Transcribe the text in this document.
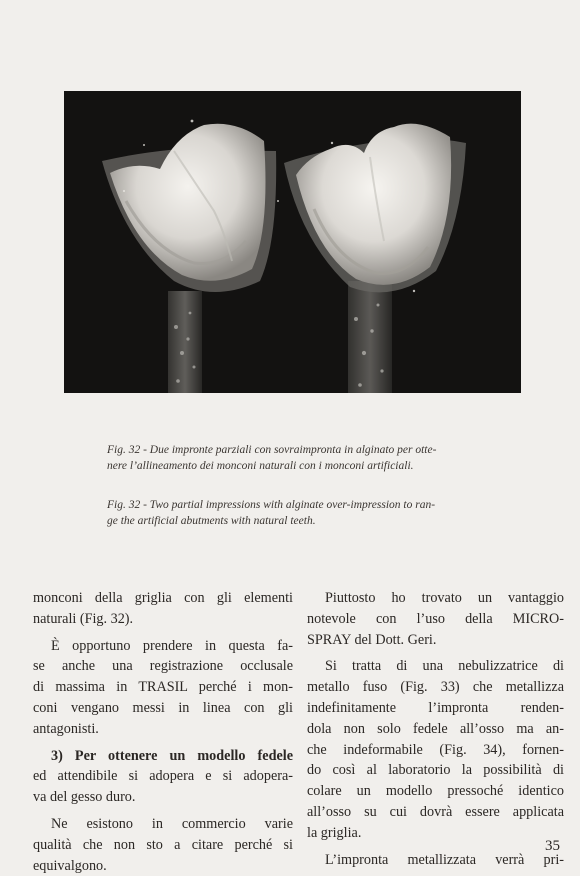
Fig. 32 - Due impronte parziali con sovraimpronta in alginato per otte-
nere l’allineamento dei monconi naturali con i monconi artificiali.
Fig. 32 - Two partial impressions with alginate over-impression to ran-
ge the artificial abutments with natural teeth.
monconi della griglia con gli elementi
naturali (Fig. 32).
È opportuno prendere in questa fa-
se anche una registrazione occlusale
di massima in TRASIL perché i mon-
coni vengano messi in linea con gli
antagonisti.
3) Per ottenere un modello fedele
ed attendibile si adopera e si adopera-
va del gesso duro.
Ne esistono in commercio varie
qualità che non sto a citare perché si
equivalgono.
Piuttosto ho trovato un vantaggio
notevole con l’uso della MICRO-
SPRAY del Dott. Geri.
Si tratta di una nebulizzatrice di
metallo fuso (Fig. 33) che metallizza
indefinitamente l’impronta renden-
dola non solo fedele all’osso ma an-
che indeformabile (Fig. 34), fornen-
do così al laboratorio la possibilità di
colare un modello pressoché identico
all’osso su cui dovrà essere applicata
la griglia.
L’impronta metallizzata verrà pri-
35
